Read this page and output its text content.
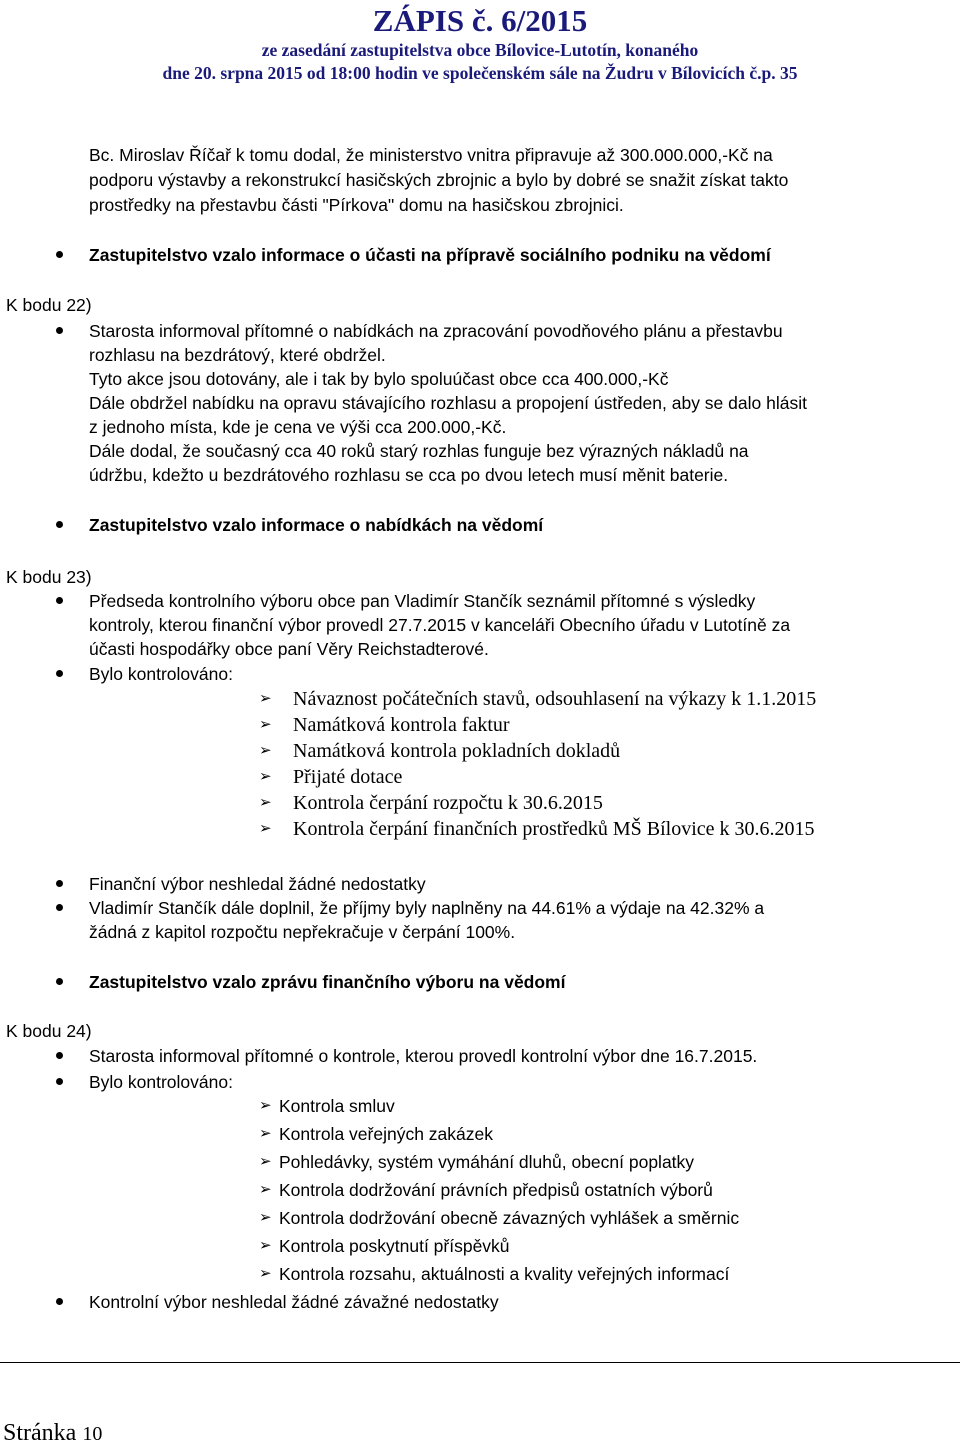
ZÁPIS č. 6/2015
ze zasedání zastupitelstva obce Bílovice-Lutotín, konaného
dne 20. srpna 2015 od 18:00 hodin ve společenském sále na Žudru v Bílovicích č.p. 35
Bc. Miroslav Říčař k tomu dodal, že ministerstvo vnitra připravuje až 300.000.000,-Kč na
podporu výstavby a rekonstrukcí hasičských zbrojnic a bylo by dobré se snažit získat takto
prostředky na přestavbu části "Pírkova" domu na hasičskou zbrojnici.
Zastupitelstvo vzalo informace o účasti na přípravě sociálního podniku na vědomí
K bodu 22)
Starosta informoval přítomné o nabídkách na zpracování povodňového plánu a přestavbu
rozhlasu na bezdrátový, které obdržel.
Tyto akce jsou dotovány, ale i tak by bylo spoluúčast obce cca 400.000,-Kč
Dále obdržel nabídku na opravu stávajícího rozhlasu a propojení ústředen, aby se dalo hlásit
z jednoho místa, kde je cena ve výši cca 200.000,-Kč.
Dále dodal, že současný cca 40 roků starý rozhlas funguje bez výrazných nákladů na
údržbu, kdežto u bezdrátového rozhlasu se cca po dvou letech musí měnit baterie.
Zastupitelstvo vzalo informace o nabídkách na vědomí
K bodu 23)
Předseda kontrolního výboru obce pan Vladimír Stančík seznámil přítomné s výsledky
kontroly, kterou finanční výbor provedl 27.7.2015 v kanceláři Obecního úřadu v Lutotíně za
účasti hospodářky obce paní Věry Reichstadterové.
Bylo kontrolováno:
➢ Návaznost počátečních stavů, odsouhlasení na výkazy k 1.1.2015
➢ Namátková kontrola faktur
➢ Namátková kontrola pokladních dokladů
➢ Přijaté dotace
➢ Kontrola čerpání rozpočtu k 30.6.2015
➢ Kontrola čerpání finančních prostředků MŠ Bílovice k 30.6.2015
Finanční výbor neshledal žádné nedostatky
Vladimír Stančík dále doplnil, že příjmy byly naplněny na 44.61% a výdaje na 42.32% a
žádná z kapitol rozpočtu nepřekračuje v čerpání 100%.
Zastupitelstvo vzalo zprávu finančního výboru na vědomí
K bodu 24)
Starosta informoval přítomné o kontrole, kterou provedl kontrolní výbor dne 16.7.2015.
Bylo kontrolováno:
➢ Kontrola smluv
➢ Kontrola veřejných zakázek
➢ Pohledávky, systém vymáhání dluhů, obecní poplatky
➢ Kontrola dodržování právních předpisů ostatních výborů
➢ Kontrola dodržování obecně závazných vyhlášek a směrnic
➢ Kontrola poskytnutí příspěvků
➢ Kontrola rozsahu, aktuálnosti a kvality veřejných informací
Kontrolní výbor neshledal žádné závažné nedostatky
Stránka 10
